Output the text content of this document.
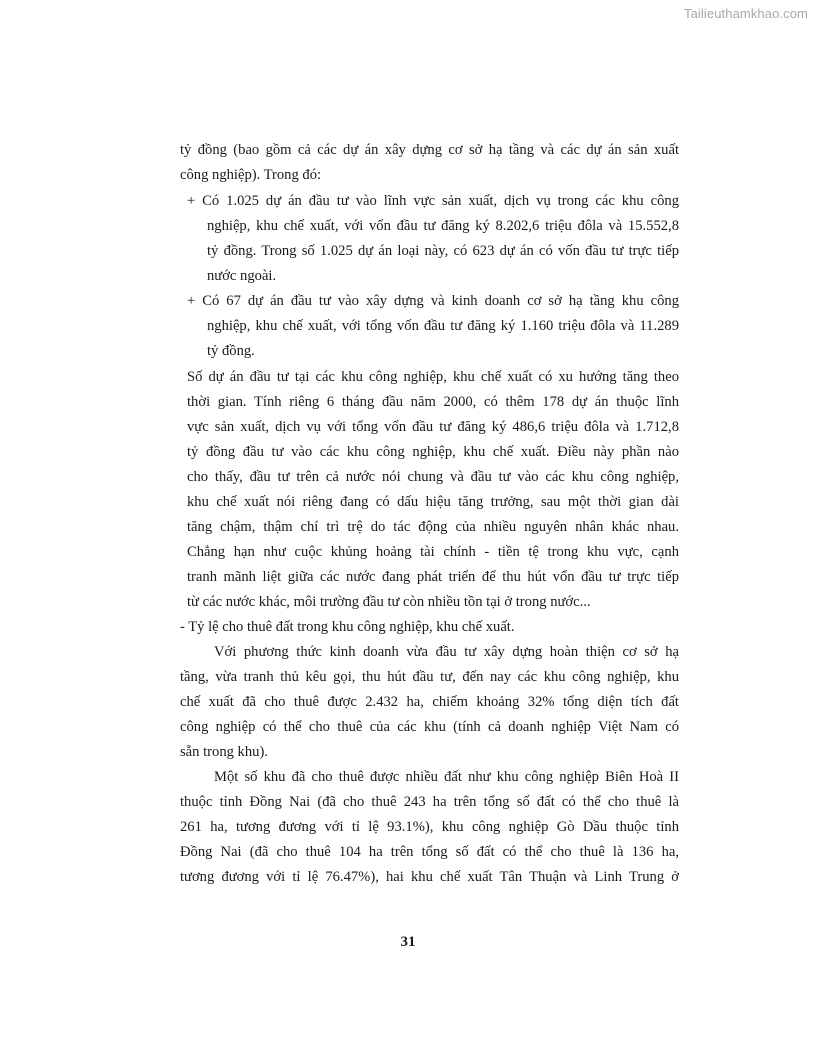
Tailieuthamkhao.com
tỷ đồng (bao gồm cả các dự án xây dựng cơ sở hạ tầng và các dự án sản xuất
công nghiệp). Trong đó:
+ Có 1.025 dự án đầu tư vào lĩnh vực sản xuất, dịch vụ trong các khu công
nghiệp, khu chế xuất, với vốn đầu tư đăng ký 8.202,6 triệu đôla và 15.552,8
tỷ đồng. Trong số 1.025 dự án loại này, có 623 dự án có vốn đầu tư trực tiếp
nước ngoài.
+ Có 67 dự án đầu tư vào xây dựng và kinh doanh cơ sở hạ tầng khu công
nghiệp, khu chế xuất, với tổng vốn đầu tư đăng ký 1.160 triệu đôla và 11.289
tỷ đồng.
Số dự án đầu tư tại các khu công nghiệp, khu chế xuất có xu hướng tăng theo
thời gian. Tính riêng 6 tháng đầu năm 2000, có thêm 178 dự án thuộc lĩnh
vực sản xuất, dịch vụ với tổng vốn đầu tư đăng ký 486,6 triệu đôla và 1.712,8
tỷ đồng đầu tư vào các khu công nghiệp, khu chế xuất. Điều này phần nào
cho thấy, đầu tư trên cả nước nói chung và đầu tư vào các khu công nghiệp,
khu chế xuất nói riêng đang có dấu hiệu tăng trưởng, sau một thời gian dài
tăng chậm, thậm chí trì trệ do tác động của nhiều nguyên nhân khác nhau.
Chẳng hạn như cuộc khủng hoảng tài chính - tiền tệ trong khu vực, cạnh
tranh mãnh liệt giữa các nước đang phát triển để thu hút vốn đầu tư trực tiếp
từ các nước khác, môi trường đầu tư còn nhiều tồn tại ở trong nước...
- Tỷ lệ cho thuê đất trong khu công nghiệp, khu chế xuất.
Với phương thức kinh doanh vừa đầu tư xây dựng hoàn thiện cơ sở hạ
tầng, vừa tranh thủ kêu gọi, thu hút đầu tư, đến nay các khu công nghiệp, khu
chế xuất đã cho thuê được 2.432 ha, chiếm khoảng 32% tổng diện tích đất
công nghiệp có thể cho thuê của các khu (tính cả doanh nghiệp Việt Nam có
sẵn trong khu).
Một số khu đã cho thuê được nhiều đất như khu công nghiệp Biên Hoà II
thuộc tỉnh Đồng Nai (đã cho thuê 243 ha trên tổng số đất có thể cho thuê là
261 ha, tương đương với tỉ lệ 93.1%), khu công nghiệp Gò Dầu thuộc tỉnh
Đồng Nai (đã cho thuê 104 ha trên tổng số đất có thể cho thuê là 136 ha,
tương đương với tỉ lệ 76.47%), hai khu chế xuất Tân Thuận và Linh Trung ở
31
